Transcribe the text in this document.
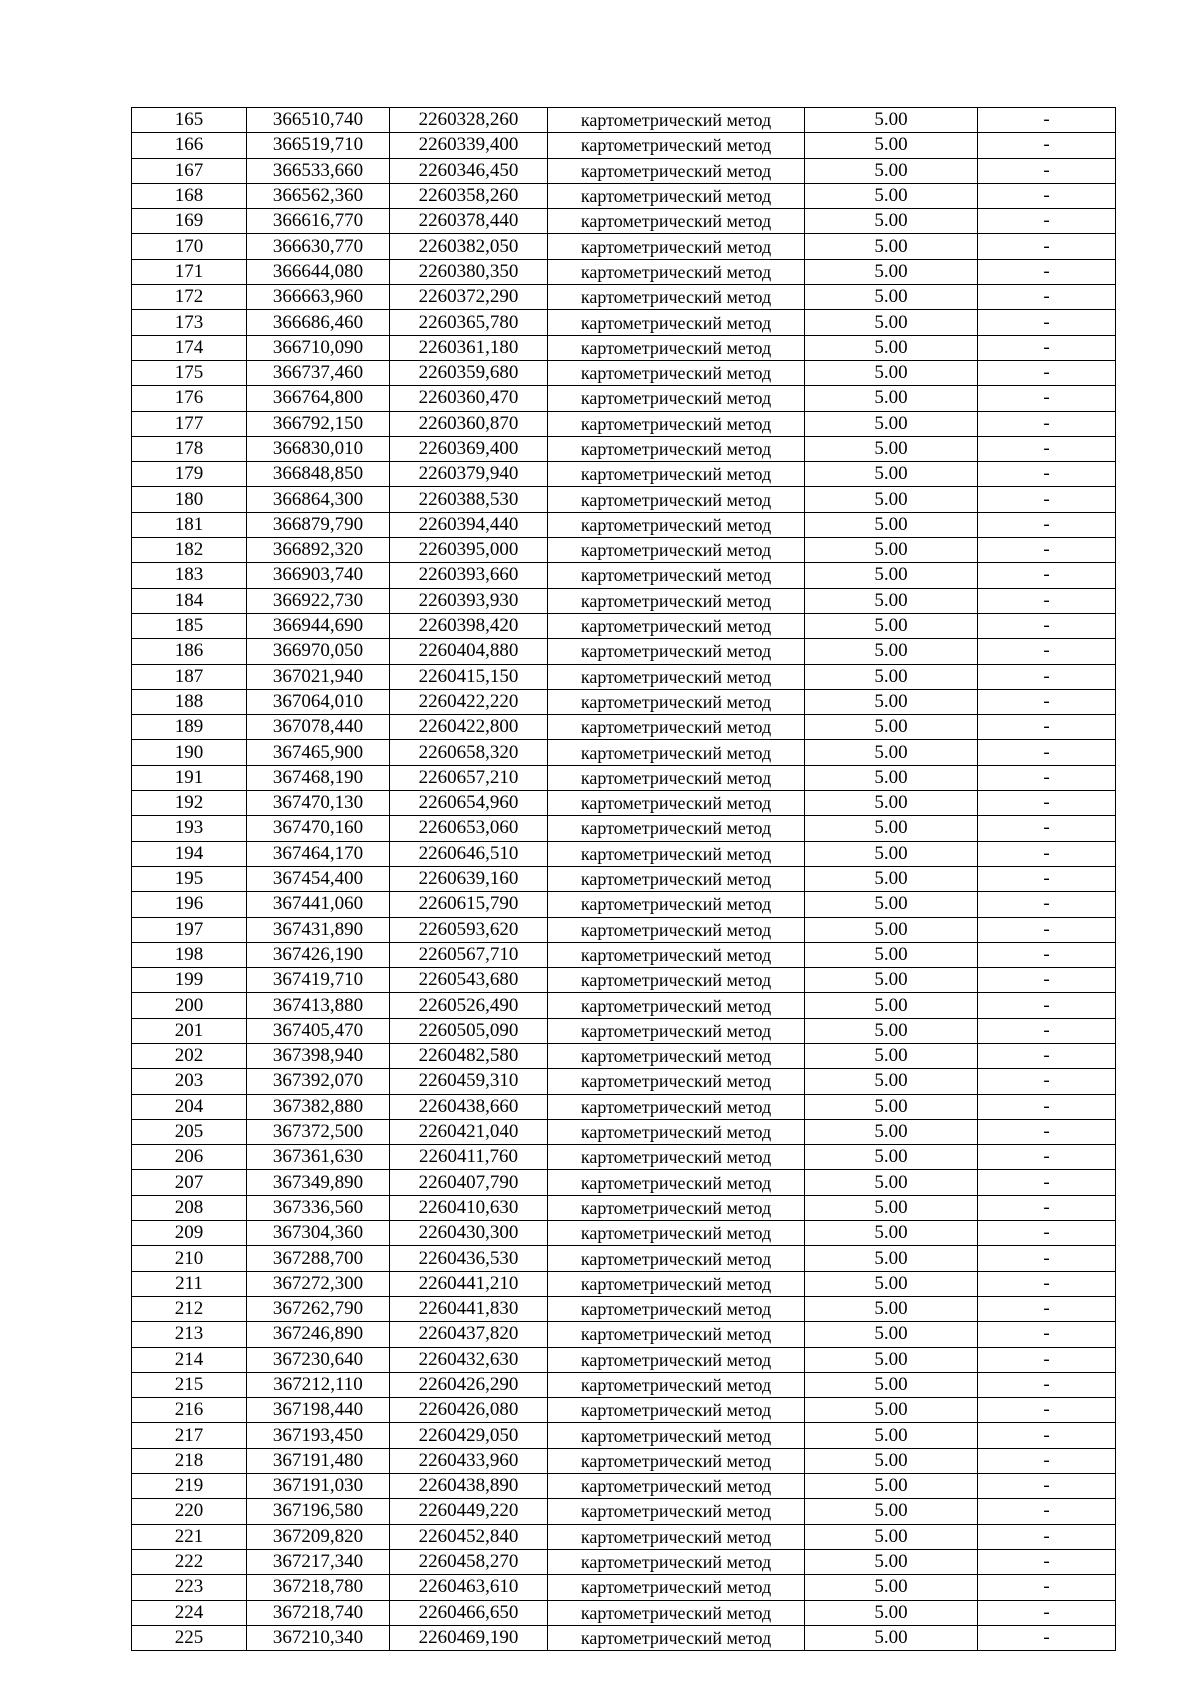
165	366510,740	2260328,260	картометрический метод	5.00	-
166	366519,710	2260339,400	картометрический метод	5.00	-
167	366533,660	2260346,450	картометрический метод	5.00	-
168	366562,360	2260358,260	картометрический метод	5.00	-
169	366616,770	2260378,440	картометрический метод	5.00	-
170	366630,770	2260382,050	картометрический метод	5.00	-
171	366644,080	2260380,350	картометрический метод	5.00	-
172	366663,960	2260372,290	картометрический метод	5.00	-
173	366686,460	2260365,780	картометрический метод	5.00	-
174	366710,090	2260361,180	картометрический метод	5.00	-
175	366737,460	2260359,680	картометрический метод	5.00	-
176	366764,800	2260360,470	картометрический метод	5.00	-
177	366792,150	2260360,870	картометрический метод	5.00	-
178	366830,010	2260369,400	картометрический метод	5.00	-
179	366848,850	2260379,940	картометрический метод	5.00	-
180	366864,300	2260388,530	картометрический метод	5.00	-
181	366879,790	2260394,440	картометрический метод	5.00	-
182	366892,320	2260395,000	картометрический метод	5.00	-
183	366903,740	2260393,660	картометрический метод	5.00	-
184	366922,730	2260393,930	картометрический метод	5.00	-
185	366944,690	2260398,420	картометрический метод	5.00	-
186	366970,050	2260404,880	картометрический метод	5.00	-
187	367021,940	2260415,150	картометрический метод	5.00	-
188	367064,010	2260422,220	картометрический метод	5.00	-
189	367078,440	2260422,800	картометрический метод	5.00	-
190	367465,900	2260658,320	картометрический метод	5.00	-
191	367468,190	2260657,210	картометрический метод	5.00	-
192	367470,130	2260654,960	картометрический метод	5.00	-
193	367470,160	2260653,060	картометрический метод	5.00	-
194	367464,170	2260646,510	картометрический метод	5.00	-
195	367454,400	2260639,160	картометрический метод	5.00	-
196	367441,060	2260615,790	картометрический метод	5.00	-
197	367431,890	2260593,620	картометрический метод	5.00	-
198	367426,190	2260567,710	картометрический метод	5.00	-
199	367419,710	2260543,680	картометрический метод	5.00	-
200	367413,880	2260526,490	картометрический метод	5.00	-
201	367405,470	2260505,090	картометрический метод	5.00	-
202	367398,940	2260482,580	картометрический метод	5.00	-
203	367392,070	2260459,310	картометрический метод	5.00	-
204	367382,880	2260438,660	картометрический метод	5.00	-
205	367372,500	2260421,040	картометрический метод	5.00	-
206	367361,630	2260411,760	картометрический метод	5.00	-
207	367349,890	2260407,790	картометрический метод	5.00	-
208	367336,560	2260410,630	картометрический метод	5.00	-
209	367304,360	2260430,300	картометрический метод	5.00	-
210	367288,700	2260436,530	картометрический метод	5.00	-
211	367272,300	2260441,210	картометрический метод	5.00	-
212	367262,790	2260441,830	картометрический метод	5.00	-
213	367246,890	2260437,820	картометрический метод	5.00	-
214	367230,640	2260432,630	картометрический метод	5.00	-
215	367212,110	2260426,290	картометрический метод	5.00	-
216	367198,440	2260426,080	картометрический метод	5.00	-
217	367193,450	2260429,050	картометрический метод	5.00	-
218	367191,480	2260433,960	картометрический метод	5.00	-
219	367191,030	2260438,890	картометрический метод	5.00	-
220	367196,580	2260449,220	картометрический метод	5.00	-
221	367209,820	2260452,840	картометрический метод	5.00	-
222	367217,340	2260458,270	картометрический метод	5.00	-
223	367218,780	2260463,610	картометрический метод	5.00	-
224	367218,740	2260466,650	картометрический метод	5.00	-
225	367210,340	2260469,190	картометрический метод	5.00	-
